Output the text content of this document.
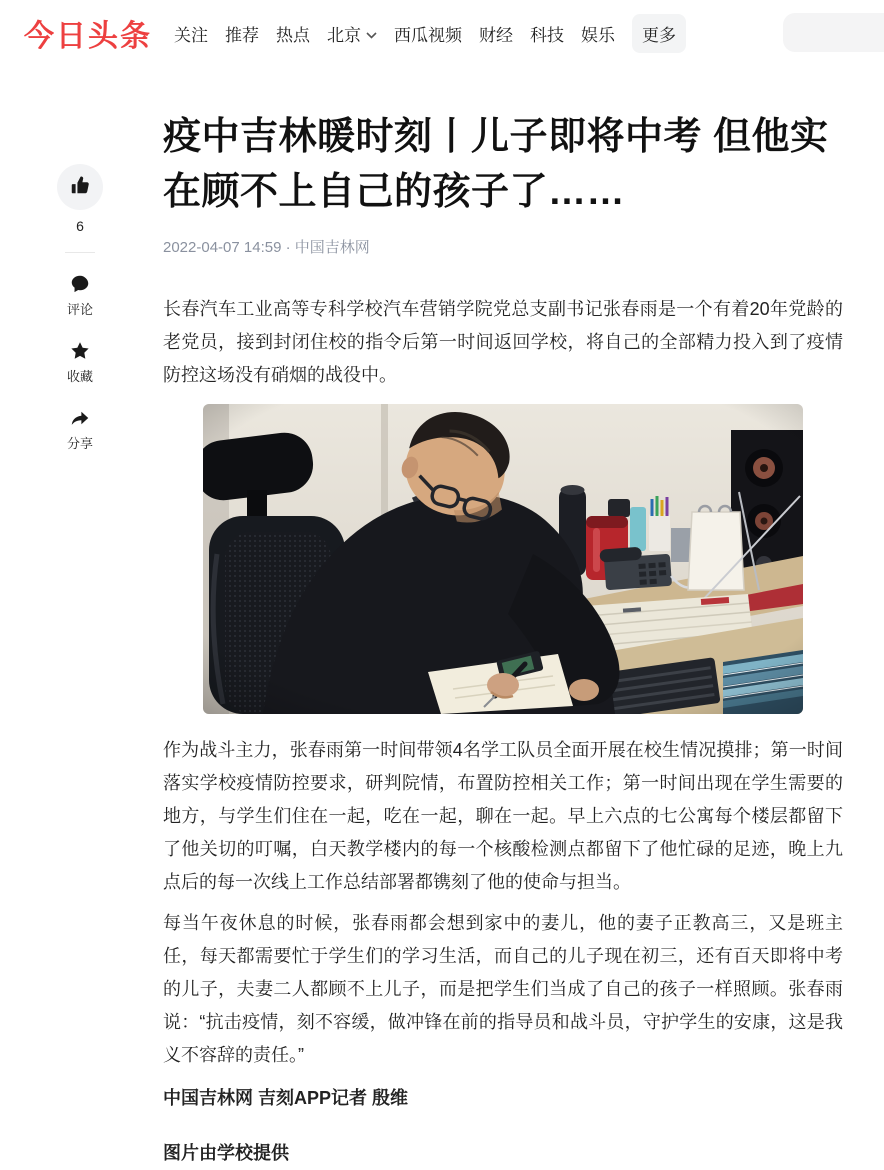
今日头条 关注 推荐 热点 北京 西瓜视频 财经 科技 娱乐	更多
6
评论
收藏
分享
疫中吉林暖时刻丨儿子即将中考 但他实在顾不上自己的孩子了……
2022-04-07 14:59 · 中国吉林网

长春汽车工业高等专科学校汽车营销学院党总支副书记张春雨是一个有着20年党龄的老党员，接到封闭住校的指令后第一时间返回学校，将自己的全部精力投入到了疫情防控这场没有硝烟的战役中。

作为战斗主力，张春雨第一时间带领4名学工队员全面开展在校生情况摸排；第一时间落实学校疫情防控要求，研判院情，布置防控相关工作；第一时间出现在学生需要的地方，与学生们住在一起，吃在一起，聊在一起。早上六点的七公寓每个楼层都留下了他关切的叮嘱，白天教学楼内的每一个核酸检测点都留下了他忙碌的足迹，晚上九点后的每一次线上工作总结部署都镌刻了他的使命与担当。

每当午夜休息的时候，张春雨都会想到家中的妻儿，他的妻子正教高三，又是班主任，每天都需要忙于学生们的学习生活，而自己的儿子现在初三，还有百天即将中考的儿子，夫妻二人都顾不上儿子，而是把学生们当成了自己的孩子一样照顾。张春雨说：“抗击疫情，刻不容缓，做冲锋在前的指导员和战斗员，守护学生的安康，这是我义不容辞的责任。”

中国吉林网 吉刻APP记者 殷维

图片由学校提供
